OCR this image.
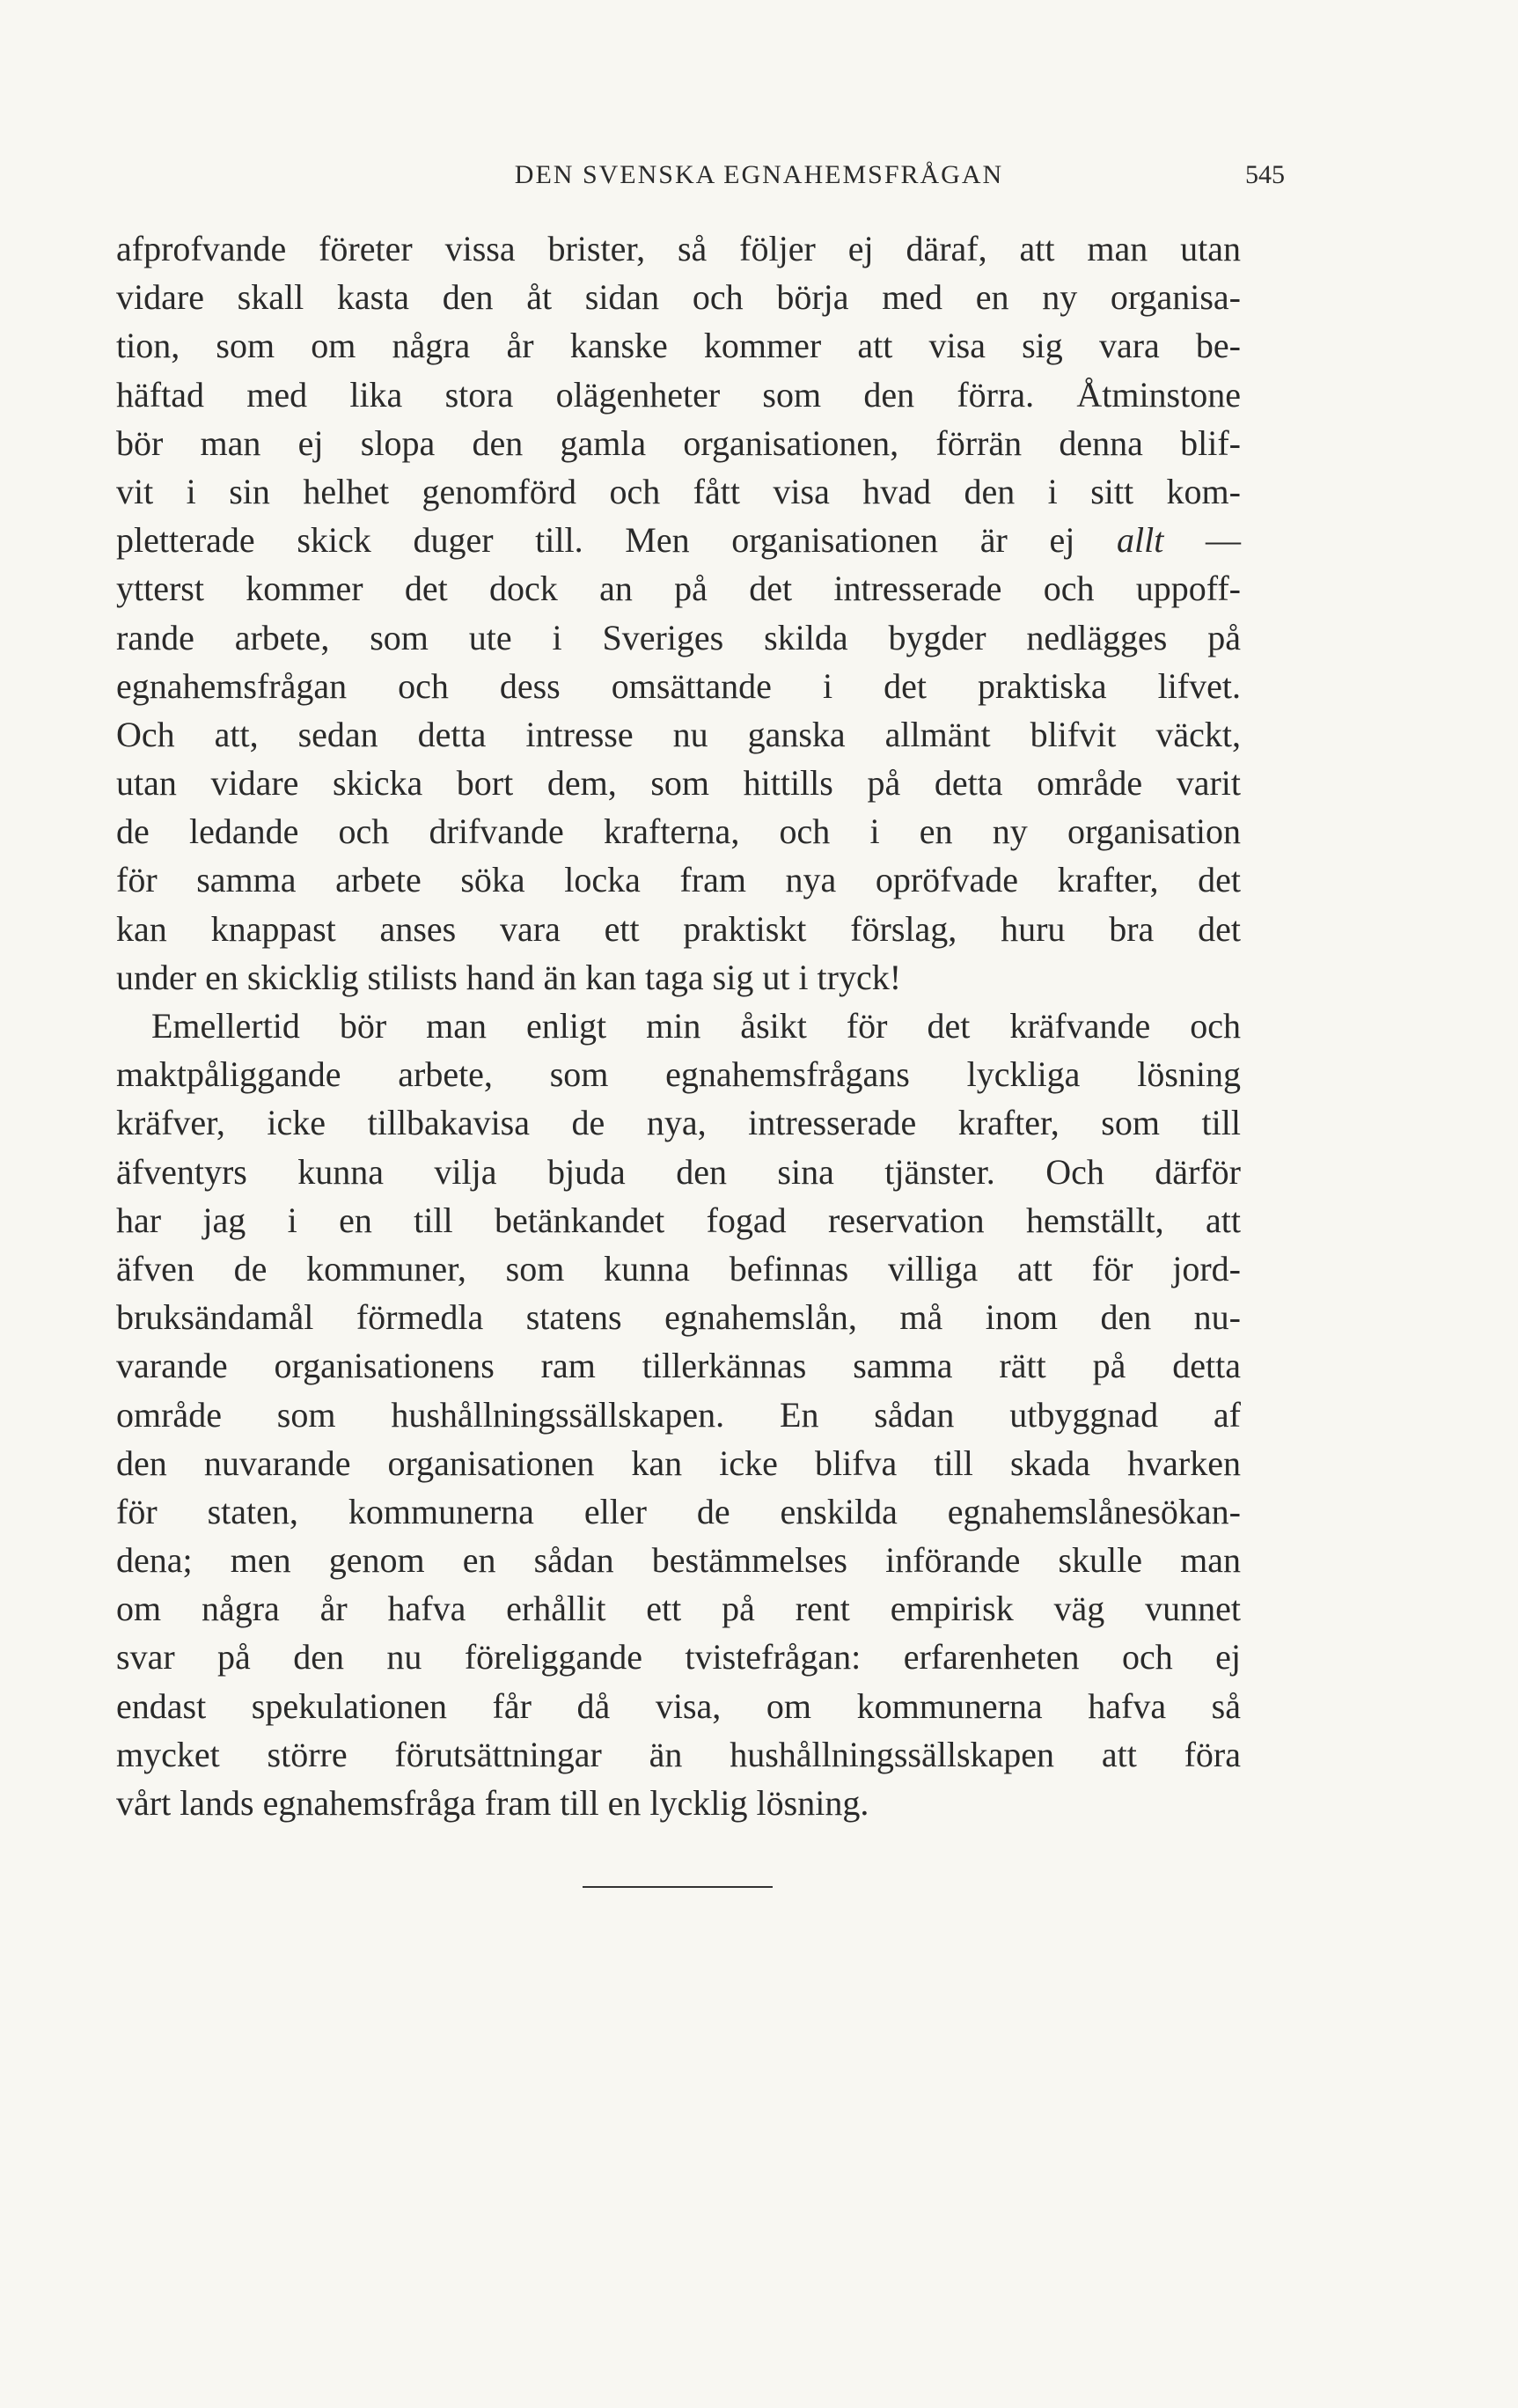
DEN SVENSKA EGNAHEMSFRÅGAN	545
afprofvande företer vissa brister, så följer ej däraf, att man utan
vidare skall kasta den åt sidan och börja med en ny organisa-
tion, som om några år kanske kommer att visa sig vara be-
häftad med lika stora olägenheter som den förra. Åtminstone
bör man ej slopa den gamla organisationen, förrän denna blif-
vit i sin helhet genomförd och fått visa hvad den i sitt kom-
pletterade skick duger till. Men organisationen är ej allt —
ytterst kommer det dock an på det intresserade och uppoff-
rande arbete, som ute i Sveriges skilda bygder nedlägges på
egnahemsfrågan och dess omsättande i det praktiska lifvet.
Och att, sedan detta intresse nu ganska allmänt blifvit väckt,
utan vidare skicka bort dem, som hittills på detta område varit
de ledande och drifvande krafterna, och i en ny organisation
för samma arbete söka locka fram nya opröfvade krafter, det
kan knappast anses vara ett praktiskt förslag, huru bra det
under en skicklig stilists hand än kan taga sig ut i tryck!
Emellertid bör man enligt min åsikt för det kräfvande och
maktpåliggande arbete, som egnahemsfrågans lyckliga lösning
kräfver, icke tillbakavisa de nya, intresserade krafter, som till
äfventyrs kunna vilja bjuda den sina tjänster. Och därför
har jag i en till betänkandet fogad reservation hemställt, att
äfven de kommuner, som kunna befinnas villiga att för jord-
bruksändamål förmedla statens egnahemslån, må inom den nu-
varande organisationens ram tillerkännas samma rätt på detta
område som hushållningssällskapen. En sådan utbyggnad af
den nuvarande organisationen kan icke blifva till skada hvarken
för staten, kommunerna eller de enskilda egnahemslånesökan-
dena; men genom en sådan bestämmelses införande skulle man
om några år hafva erhållit ett på rent empirisk väg vunnet
svar på den nu föreliggande tvistefrågan: erfarenheten och ej
endast spekulationen får då visa, om kommunerna hafva så
mycket större förutsättningar än hushållningssällskapen att föra
vårt lands egnahemsfråga fram till en lycklig lösning.
